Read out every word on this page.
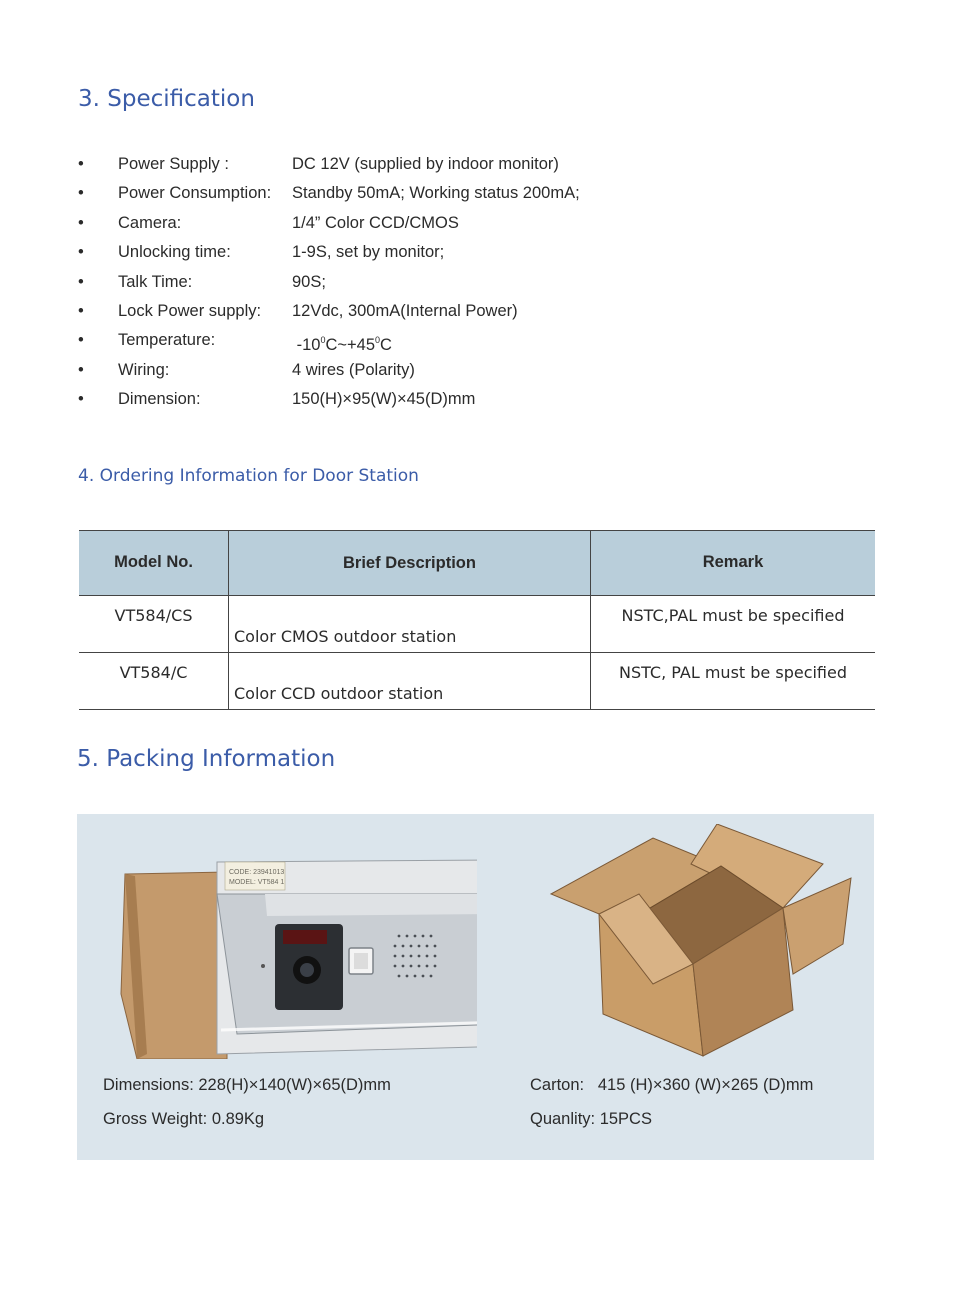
3. Specification
• Power Supply :	DC 12V (supplied by indoor monitor)
• Power Consumption: Standby 50mA; Working status 200mA;
• Camera:	1/4” Color CCD/CMOS
• Unlocking time:	1-9S, set by monitor;
• Talk Time:	90S;
• Lock Power supply: 12Vdc, 300mA(Internal Power)
• Temperature:	$-10^0C\sim+45^0C$
• Wiring:	4 wires (Polarity)
• Dimension:	150(H)×95(W)×45(D)mm
4. Ordering Information for Door Station
Model No.	Brief Description	Remark
VT584/CS	Color CMOS outdoor station	NSTC,PAL must be specified
VT584/C	Color CCD outdoor station	NSTC, PAL must be specified
5. Packing Information
CODE: 23941013
MODEL: VT584 1
Dimensions: 228(H)×140(W)×65(D)mm
Gross Weight: 0.89Kg
Carton:   415 (H)×360 (W)×265 (D)mm
Quanlity: 15PCS
